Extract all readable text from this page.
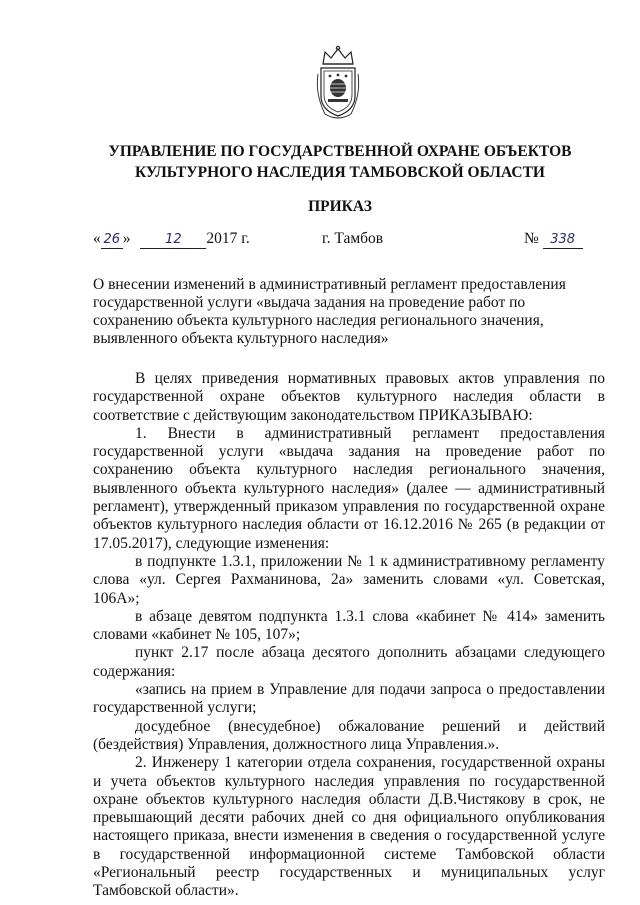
УПРАВЛЕНИЕ ПО ГОСУДАРСТВЕННОЙ ОХРАНЕ ОБЪЕКТОВ
КУЛЬТУРНОГО НАСЛЕДИЯ ТАМБОВСКОЙ ОБЛАСТИ
ПРИКАЗ
« 26 »	12 2017 г.	г. Тамбов	№ 338
О внесении изменений в административный регламент предоставления государственной услуги «выдача задания на проведение работ по сохранению объекта культурного наследия регионального значения, выявленного объекта культурного наследия»

В целях приведения нормативных правовых актов управления по государственной охране объектов культурного наследия области в соответствие с действующим законодательством ПРИКАЗЫВАЮ:

1. Внести в административный регламент предоставления государственной услуги «выдача задания на проведение работ по сохранению объекта культурного наследия регионального значения, выявленного объекта культурного наследия» (далее — административный регламент), утвержденный приказом управления по государственной охране объектов культурного наследия области от 16.12.2016 № 265 (в редакции от 17.05.2017), следующие изменения:

в подпункте 1.3.1, приложении № 1 к административному регламенту слова «ул. Сергея Рахманинова, 2а» заменить словами «ул. Советская, 106А»;

в абзаце девятом подпункта 1.3.1 слова «кабинет № 414» заменить словами «кабинет № 105, 107»;

пункт 2.17 после абзаца десятого дополнить абзацами следующего содержания:

«запись на прием в Управление для подачи запроса о предоставлении государственной услуги;

досудебное (внесудебное) обжалование решений и действий (бездействия) Управления, должностного лица Управления.».

2. Инженеру 1 категории отдела сохранения, государственной охраны и учета объектов культурного наследия управления по государственной охране объектов культурного наследия области Д.В.Чистякову в срок, не превышающий десяти рабочих дней со дня официального опубликования настоящего приказа, внести изменения в сведения о государственной услуге в государственной информационной системе Тамбовской области «Региональный реестр государственных и муниципальных услуг Тамбовской области».
